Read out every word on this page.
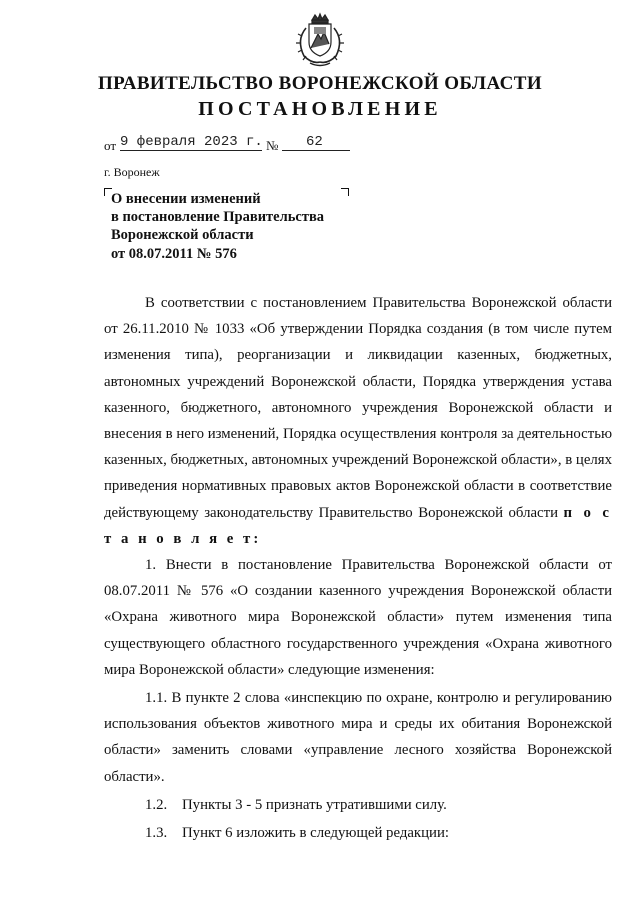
ПРАВИТЕЛЬСТВО ВОРОНЕЖСКОЙ ОБЛАСТИ
ПОСТАНОВЛЕНИЕ
от 9 февраля 2023 г. № 62
г. Воронеж
О внесении изменений
в постановление Правительства
Воронежской области
от 08.07.2011 № 576

В соответствии с постановлением Правительства Воронежской области от 26.11.2010 № 1033 «Об утверждении Порядка создания (в том числе путем изменения типа), реорганизации и ликвидации казенных, бюджетных, автономных учреждений Воронежской области, Порядка утверждения устава казенного, бюджетного, автономного учреждения Воронежской области и внесения в него изменений, Порядка осуществления контроля за деятельностью казенных, бюджетных, автономных учреждений Воронежской области», в целях приведения нормативных правовых актов Воронежской области в соответствие действующему законодательству Правительство Воронежской области п о с т а н о в л я е т:

1. Внести в постановление Правительства Воронежской области от 08.07.2011 № 576 «О создании казенного учреждения Воронежской области «Охрана животного мира Воронежской области» путем изменения типа существующего областного государственного учреждения «Охрана животного мира Воронежской области» следующие изменения:

1.1. В пункте 2 слова «инспекцию по охране, контролю и регулированию использования объектов животного мира и среды их обитания Воронежской области» заменить словами «управление лесного хозяйства Воронежской области».

1.2.    Пункты 3 - 5 признать утратившими силу.

1.3.    Пункт 6 изложить в следующей редакции:
